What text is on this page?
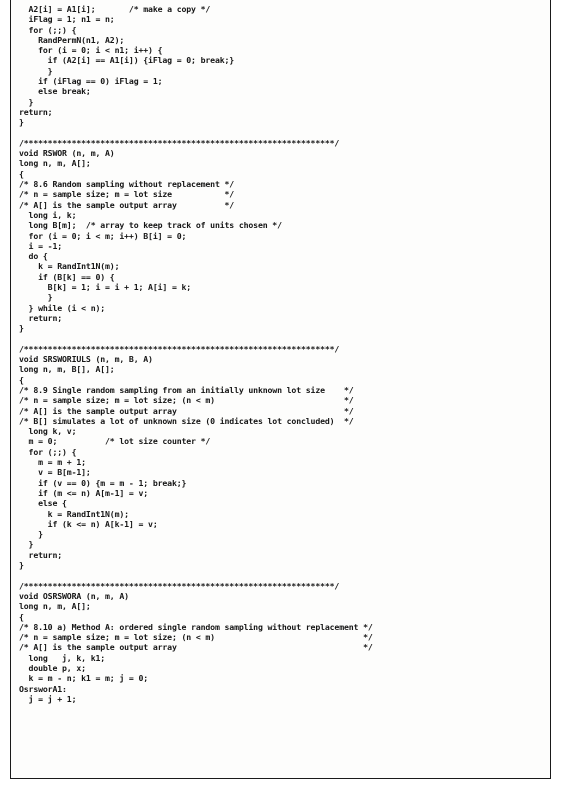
A2[i] = A1[i];       /* make a copy */
iFlag = 1; n1 = n;
for (;;) {
RandPermN(n1, A2);
for (i = 0; i < n1; i++) {
if (A2[i] == A1[i]) {iFlag = 0; break;}
}
if (iFlag == 0) iFlag = 1;
else break;
}
return;
}
/*****************************************************************/
void RSWOR (n, m, A)
long n, m, A[];
{
/* 8.6 Random sampling without replacement */
/* n = sample size; m = lot size           */
/* A[] is the sample output array          */
long i, k;
long B[m];  /* array to keep track of units chosen */
for (i = 0; i < m; i++) B[i] = 0;
i = -1;
do {
k = RandInt1N(m);
if (B[k] == 0) {
B[k] = 1; i = i + 1; A[i] = k;
}
} while (i < n);
return;
}
/*****************************************************************/
void SRSWORIULS (n, m, B, A)
long n, m, B[], A[];
{
/* 8.9 Single random sampling from an initially unknown lot size    */
/* n = sample size; m = lot size; (n < m)                           */
/* A[] is the sample output array                                   */
/* B[] simulates a lot of unknown size (0 indicates lot concluded)  */
long k, v;
m = 0;          /* lot size counter */
for (;;) {
m = m + 1;
v = B[m-1];
if (v == 0) {m = m - 1; break;}
if (m <= n) A[m-1] = v;
else {
k = RandInt1N(m);
if (k <= n) A[k-1] = v;
}
}
return;
}
/*****************************************************************/
void OSRSWORA (n, m, A)
long n, m, A[];
{
/* 8.10 a) Method A: ordered single random sampling without replacement */
/* n = sample size; m = lot size; (n < m)                               */
/* A[] is the sample output array                                       */
long   j, k, k1;
double p, x;
k = m - n; k1 = m; j = 0;
OsrsworA1:
j = j + 1;
